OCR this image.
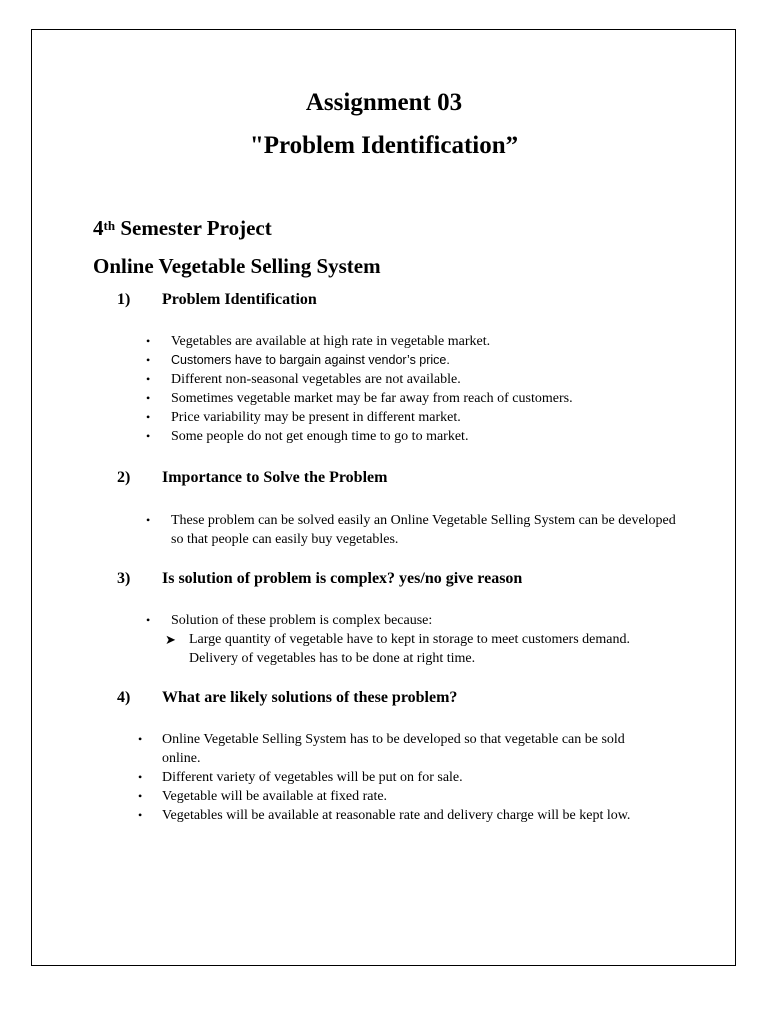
Assignment 03
"Problem Identification”
4th Semester Project
Online Vegetable Selling System
1) Problem Identification
• Vegetables are available at high rate in vegetable market.
• Customers have to bargain against vendor’s price.
• Different non-seasonal vegetables are not available.
• Sometimes vegetable market may be far away from reach of customers.
• Price variability may be present in different market.
• Some people do not get enough time to go to market.
2) Importance to Solve the Problem
• These problem can be solved easily an Online Vegetable Selling System can be developed so that people can easily buy vegetables.
3) Is solution of problem is complex? yes/no give reason
• Solution of these problem is complex because:
➤ Large quantity of vegetable have to kept in storage to meet customers demand. Delivery of vegetables has to be done at right time.
4) What are likely solutions of these problem?
• Online Vegetable Selling System has to be developed so that vegetable can be sold online.
• Different variety of vegetables will be put on for sale.
• Vegetable will be available at fixed rate.
• Vegetables will be available at reasonable rate and delivery charge will be kept low.
